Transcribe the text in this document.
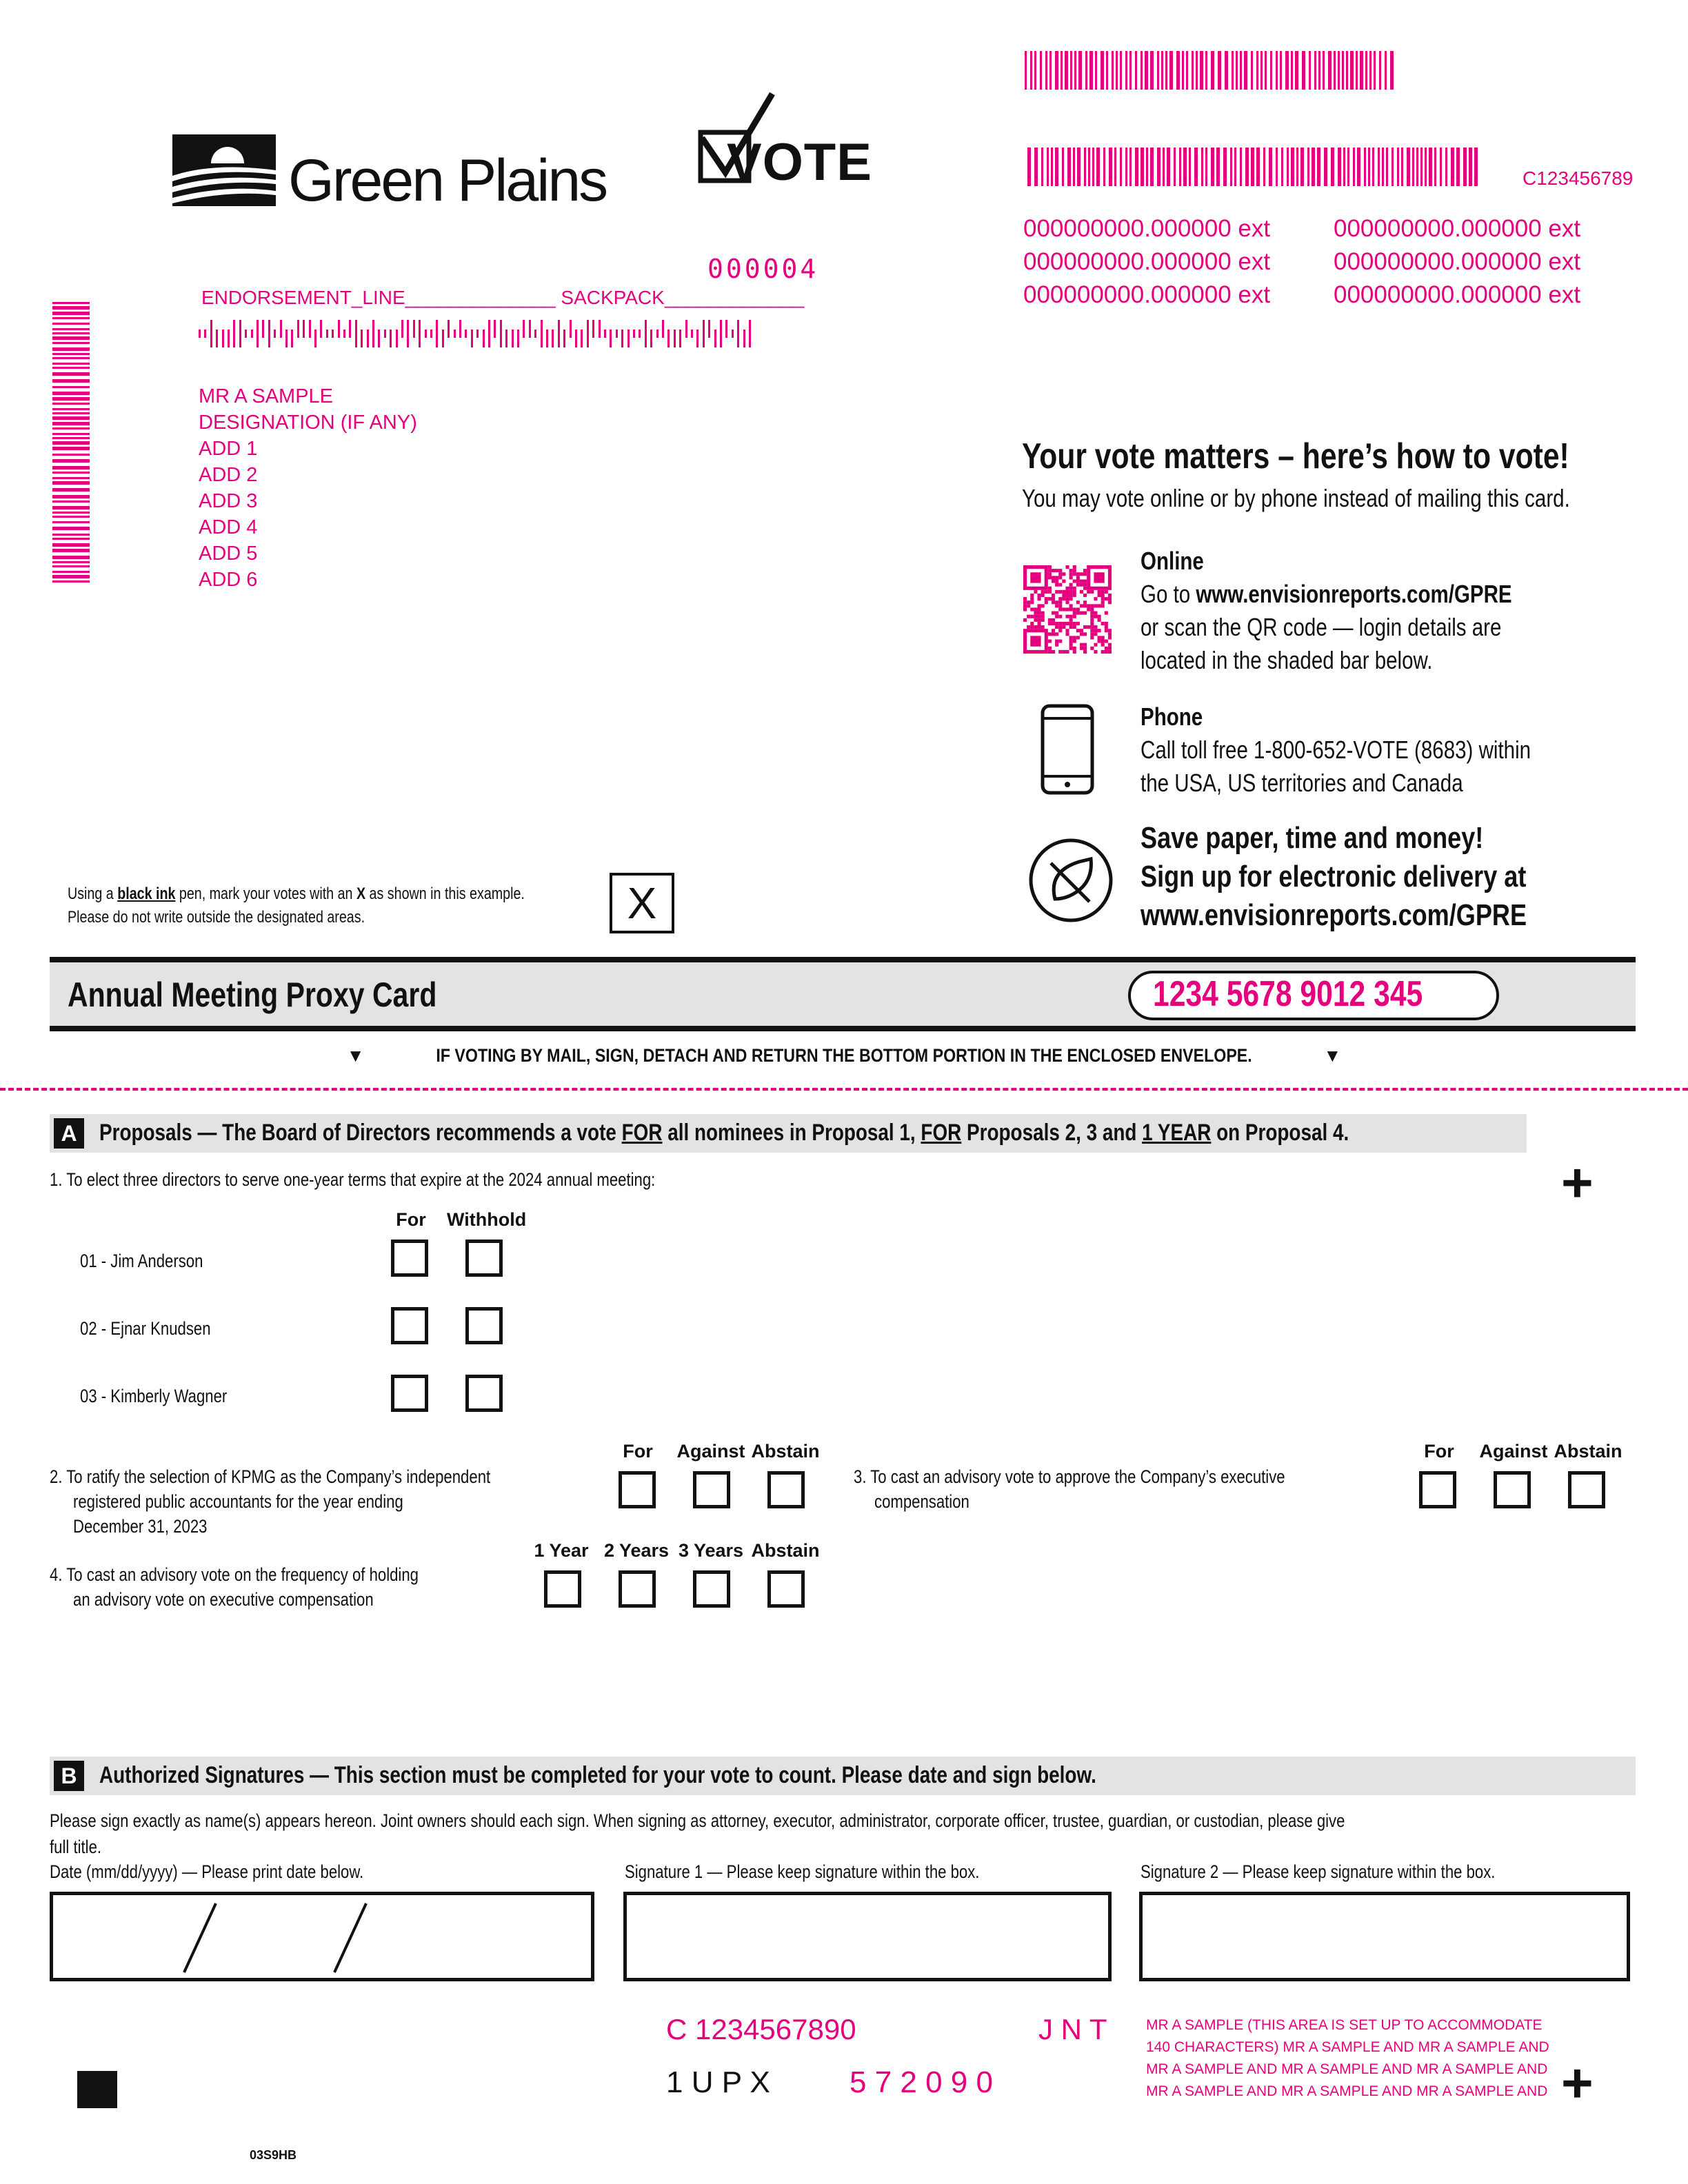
Green Plains VOTE	C123456789
000000000.000000 ext
000000000.000000 ext
000000000.000000 ext
000000000.000000 ext
000000000.000000 ext
000000000.000000 ext
000004
ENDORSEMENT_LINE______________ SACKPACK_____________
MR A SAMPLE
DESIGNATION (IF ANY)
ADD 1
ADD 2
ADD 3
ADD 4
ADD 5
ADD 6
Your vote matters – here’s how to vote!
You may vote online or by phone instead of mailing this card.
Online
Go to www.envisionreports.com/GPRE
or scan the QR code — login details are
located in the shaded bar below.
Phone
Call toll free 1-800-652-VOTE (8683) within
the USA, US territories and Canada
Save paper, time and money!
Sign up for electronic delivery at
www.envisionreports.com/GPRE
Using a black ink pen, mark your votes with an X as shown in this example.
Please do not write outside the designated areas.	X
Annual Meeting Proxy Card	1234 5678 9012 345
▼	IF VOTING BY MAIL, SIGN, DETACH AND RETURN THE BOTTOM PORTION IN THE ENCLOSED ENVELOPE.	▼
A Proposals — The Board of Directors recommends a vote FOR all nominees in Proposal 1, FOR Proposals 2, 3 and 1 YEAR on Proposal 4.
+
1. To elect three directors to serve one-year terms that expire at the 2024 annual meeting:
For	Withhold
01 - Jim Anderson
02 - Ejnar Knudsen
03 - Kimberly Wagner
2. To ratify the selection of KPMG as the Company’s independent
registered public accountants for the year ending
December 31, 2023
For	Against Abstain
3. To cast an advisory vote to approve the Company’s executive
compensation
For	Against Abstain
4. To cast an advisory vote on the frequency of holding
an advisory vote on executive compensation
1 Year 2 Years 3 Years Abstain
B Authorized Signatures — This section must be completed for your vote to count. Please date and sign below.
Please sign exactly as name(s) appears hereon. Joint owners should each sign. When signing as attorney, executor, administrator, corporate officer, trustee, guardian, or custodian, please give
full title.
Date (mm/dd/yyyy) — Please print date below.	Signature 1 — Please keep signature within the box.	Signature 2 — Please keep signature within the box.
03S9HB
C 1234567890	J N T
1 U P X	5 7 2 0 9 0
MR A SAMPLE (THIS AREA IS SET UP TO ACCOMMODATE
140 CHARACTERS) MR A SAMPLE AND MR A SAMPLE AND
MR A SAMPLE AND MR A SAMPLE AND MR A SAMPLE AND
MR A SAMPLE AND MR A SAMPLE AND MR A SAMPLE AND +
